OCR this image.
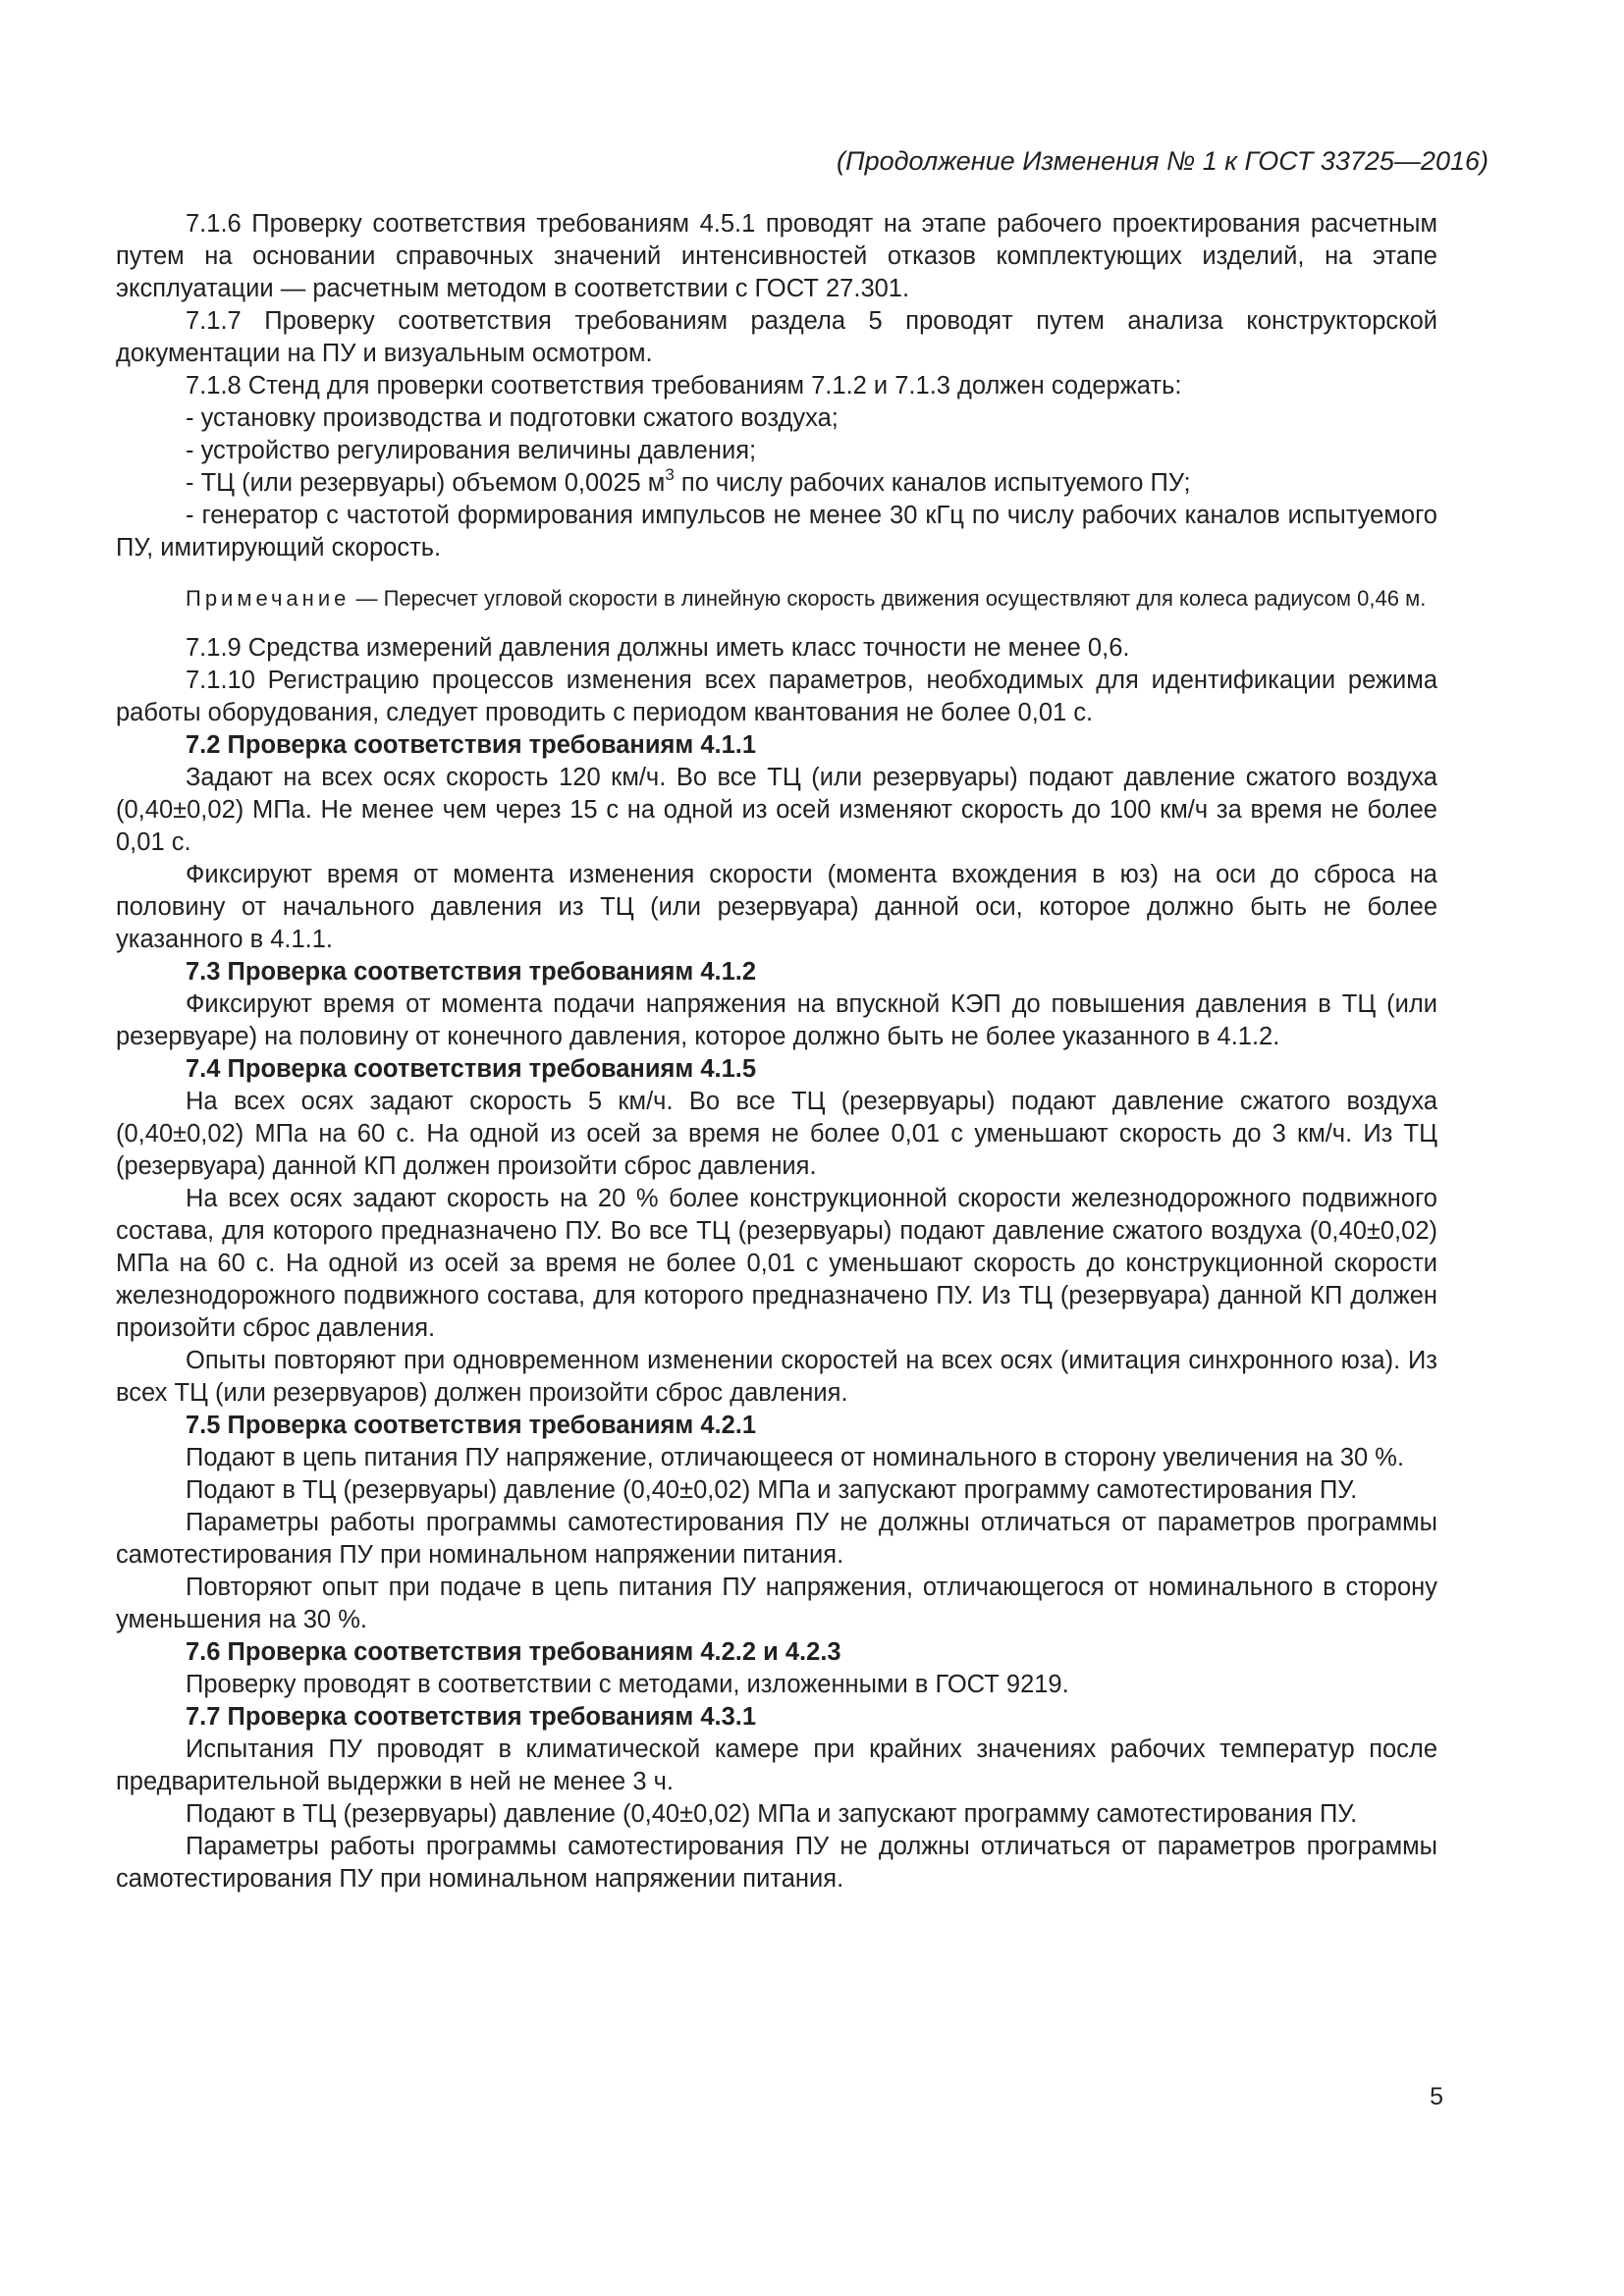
(Продолжение Изменения № 1 к ГОСТ 33725—2016)

7.1.6 Проверку соответствия требованиям 4.5.1 проводят на этапе рабочего проектирования расчетным путем на основании справочных значений интенсивностей отказов комплектующих изделий, на этапе эксплуатации — расчетным методом в соответствии с ГОСТ 27.301.

7.1.7 Проверку соответствия требованиям раздела 5 проводят путем анализа конструкторской документации на ПУ и визуальным осмотром.

7.1.8 Стенд для проверки соответствия требованиям 7.1.2 и 7.1.3 должен содержать:

- установку производства и подготовки сжатого воздуха;

- устройство регулирования величины давления;

- ТЦ (или резервуары) объемом 0,0025 $м^3$ по числу рабочих каналов испытуемого ПУ;

- генератор с частотой формирования импульсов не менее 30 кГц по числу рабочих каналов испытуемого ПУ, имитирующий скорость.

Примечание — Пересчет угловой скорости в линейную скорость движения осуществляют для колеса радиусом 0,46 м.

7.1.9 Средства измерений давления должны иметь класс точности не менее 0,6.

7.1.10 Регистрацию процессов изменения всех параметров, необходимых для идентификации режима работы оборудования, следует проводить с периодом квантования не более 0,01 с.

7.2 Проверка соответствия требованиям 4.1.1

Задают на всех осях скорость 120 км/ч. Во все ТЦ (или резервуары) подают давление сжатого воздуха (0,40±0,02) МПа. Не менее чем через 15 с на одной из осей изменяют скорость до 100 км/ч за время не более 0,01 с.

Фиксируют время от момента изменения скорости (момента вхождения в юз) на оси до сброса на половину от начального давления из ТЦ (или резервуара) данной оси, которое должно быть не более указанного в 4.1.1.

7.3 Проверка соответствия требованиям 4.1.2

Фиксируют время от момента подачи напряжения на впускной КЭП до повышения давления в ТЦ (или резервуаре) на половину от конечного давления, которое должно быть не более указанного в 4.1.2.

7.4 Проверка соответствия требованиям 4.1.5

На всех осях задают скорость 5 км/ч. Во все ТЦ (резервуары) подают давление сжатого воздуха (0,40±0,02) МПа на 60 с. На одной из осей за время не более 0,01 с уменьшают скорость до 3 км/ч. Из ТЦ (резервуара) данной КП должен произойти сброс давления.

На всех осях задают скорость на 20 % более конструкционной скорости железнодорожного подвижного состава, для которого предназначено ПУ. Во все ТЦ (резервуары) подают давление сжатого воздуха (0,40±0,02) МПа на 60 с. На одной из осей за время не более 0,01 с уменьшают скорость до конструкционной скорости железнодорожного подвижного состава, для которого предназначено ПУ. Из ТЦ (резервуара) данной КП должен произойти сброс давления.

Опыты повторяют при одновременном изменении скоростей на всех осях (имитация синхронного юза). Из всех ТЦ (или резервуаров) должен произойти сброс давления.

7.5 Проверка соответствия требованиям 4.2.1

Подают в цепь питания ПУ напряжение, отличающееся от номинального в сторону увеличения на 30 %.

Подают в ТЦ (резервуары) давление (0,40±0,02) МПа и запускают программу самотестирования ПУ.

Параметры работы программы самотестирования ПУ не должны отличаться от параметров программы самотестирования ПУ при номинальном напряжении питания.

Повторяют опыт при подаче в цепь питания ПУ напряжения, отличающегося от номинального в сторону уменьшения на 30 %.

7.6 Проверка соответствия требованиям 4.2.2 и 4.2.3

Проверку проводят в соответствии с методами, изложенными в ГОСТ 9219.

7.7 Проверка соответствия требованиям 4.3.1

Испытания ПУ проводят в климатической камере при крайних значениях рабочих температур после предварительной выдержки в ней не менее 3 ч.

Подают в ТЦ (резервуары) давление (0,40±0,02) МПа и запускают программу самотестирования ПУ.

Параметры работы программы самотестирования ПУ не должны отличаться от параметров программы самотестирования ПУ при номинальном напряжении питания.

5
